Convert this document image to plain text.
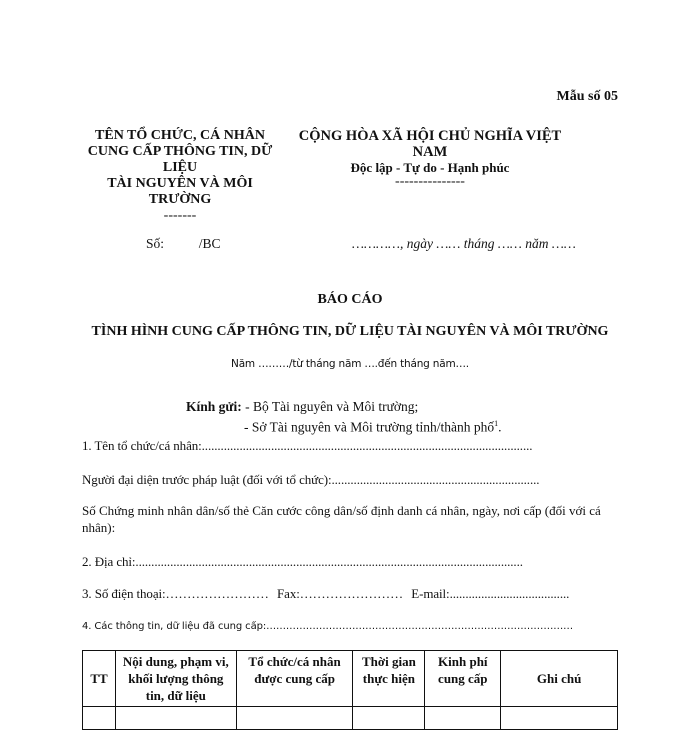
Mẫu số 05
TÊN TỔ CHỨC, CÁ NHÂN
CUNG CẤP THÔNG TIN, DỮ LIỆU
TÀI NGUYÊN VÀ MÔI TRƯỜNG
-------
CỘNG HÒA XÃ HỘI CHỦ NGHĨA VIỆT NAM
Độc lập - Tự do - Hạnh phúc
---------------
Số:	/BC	…………, ngày …… tháng …… năm ……
BÁO CÁO
TÌNH HÌNH CUNG CẤP THÔNG TIN, DỮ LIỆU TÀI NGUYÊN VÀ MÔI TRƯỜNG
Năm ………/từ tháng năm ….đến tháng năm….
Kính gửi: - Bộ Tài nguyên và Môi trường;
- Sở Tài nguyên và Môi trường tỉnh/thành phố$^1$.
1. Tên tổ chức/cá nhân:.........................................................................................................
Người đại diện trước pháp luật (đối với tổ chức):..................................................................
Số Chứng minh nhân dân/số thẻ Căn cước công dân/số định danh cá nhân, ngày, nơi cấp (đối với cá nhân):
2. Địa chỉ:...........................................................................................................................
3. Số điện thoại:…………………… Fax:…………………… E-mail:......................................
4. Các thông tin, dữ liệu đã cung cấp:…………………………………………………………………………………
TT	Nội dung, phạm vi, khối lượng thông tin, dữ liệu	Tổ chức/cá nhân được cung cấp	Thời gian thực hiện	Kinh phí cung cấp	Ghi chú
